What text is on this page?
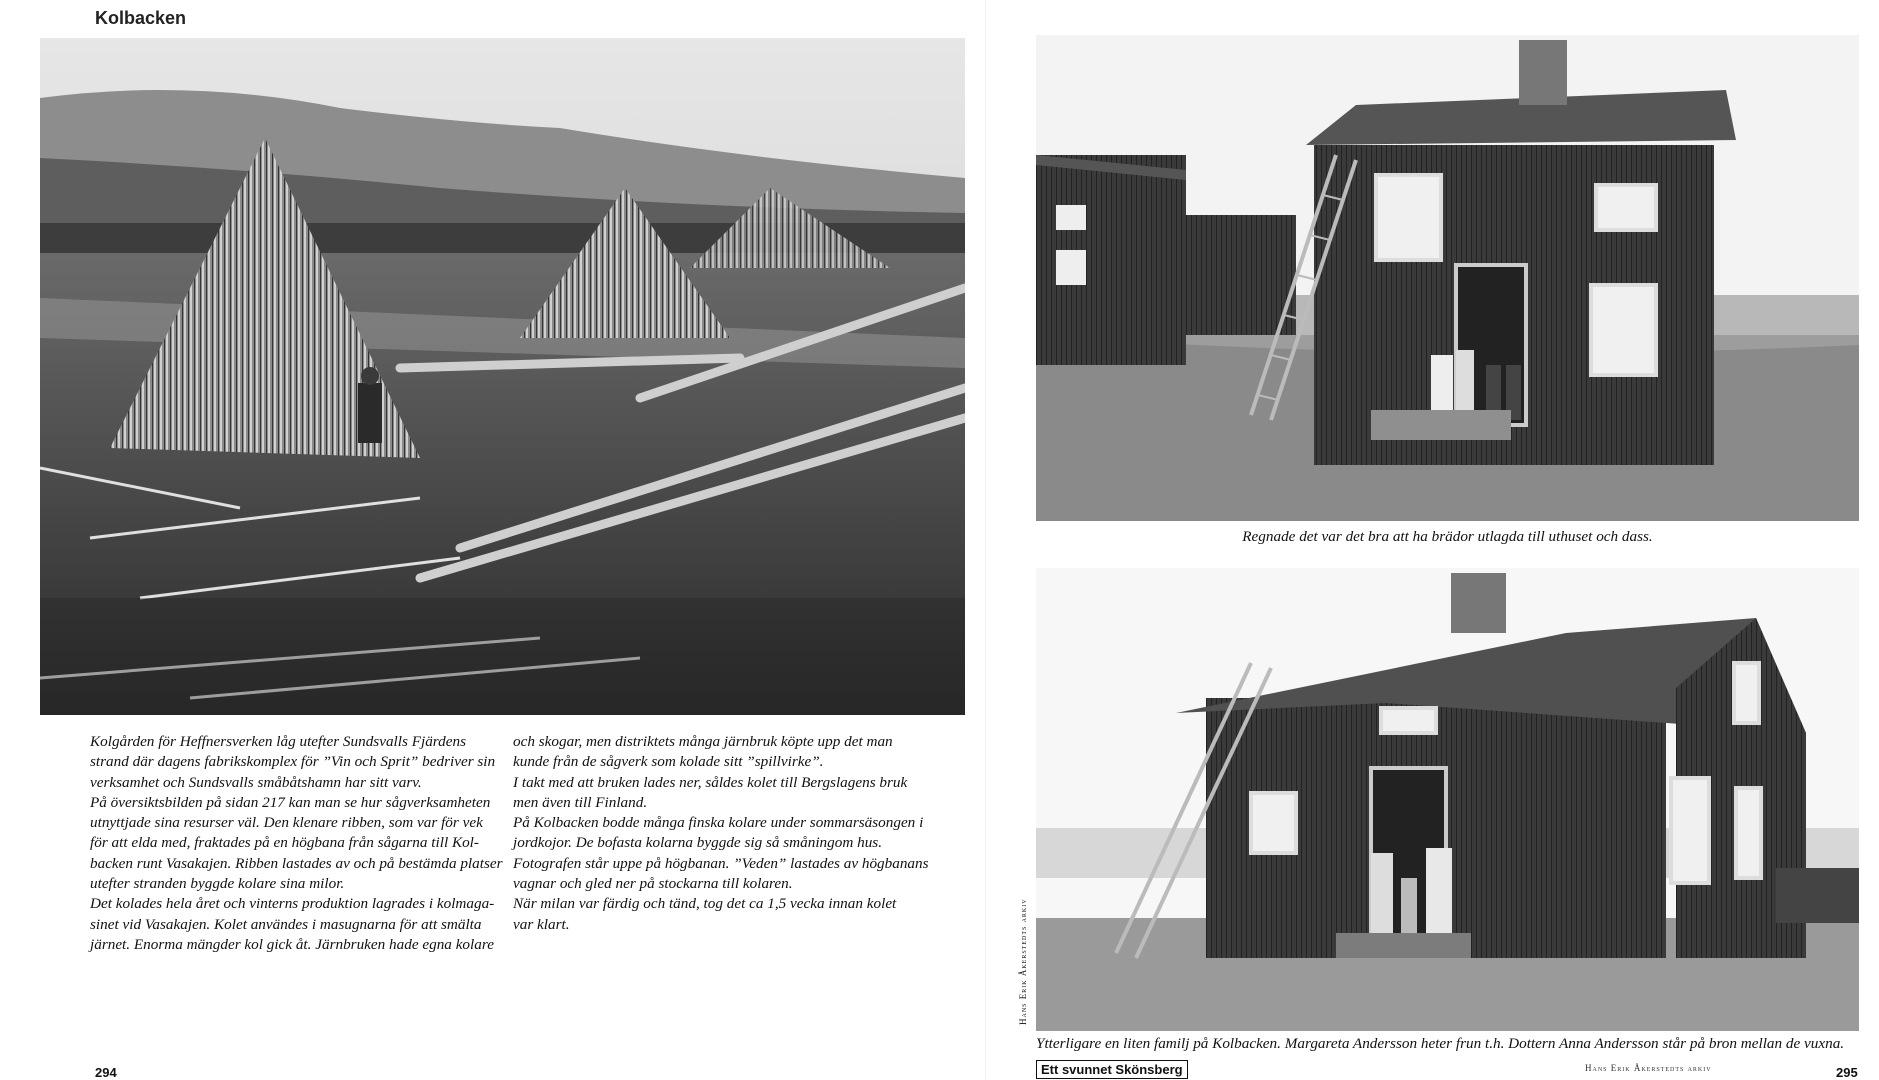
Kolbacken

Kolgården för Heffnersverken låg utefter Sundsvalls Fjärdens

strand där dagens fabrikskomplex för ”Vin och Sprit” bedriver sin

verksamhet och Sundsvalls småbåtshamn har sitt varv.

På översiktsbilden på sidan 217 kan man se hur sågverksamheten

utnyttjade sina resurser väl. Den klenare ribben, som var för vek

för att elda med, fraktades på en högbana från sågarna till Kol-

backen runt Vasakajen. Ribben lastades av och på bestämda platser

utefter stranden byggde kolare sina milor.

Det kolades hela året och vinterns produktion lagrades i kolmaga-

sinet vid Vasakajen. Kolet användes i masugnarna för att smälta

järnet. Enorma mängder kol gick åt. Järnbruken hade egna kolare

och skogar, men distriktets många järnbruk köpte upp det man

kunde från de sågverk som kolade sitt ”spillvirke”.

I takt med att bruken lades ner, såldes kolet till Bergslagens bruk

men även till Finland.

På Kolbacken bodde många finska kolare under sommarsäsongen i

jordkojor. De bofasta kolarna byggde sig så småningom hus.

Fotografen står uppe på högbanan. ”Veden” lastades av högbanans

vagnar och gled ner på stockarna till kolaren.

När milan var färdig och tänd, tog det ca 1,5 vecka innan kolet

var klart.

294
Regnade det var det bra att ha brädor utlagda till uthuset och dass.
Hans Erik Åkerstedts arkiv
Ytterligare en liten familj på Kolbacken. Margareta Andersson heter frun t.h. Dottern Anna Andersson står på bron mellan de vuxna.
Ett svunnet Skönsberg	Hans Erik Åkerstedts arkiv	295
